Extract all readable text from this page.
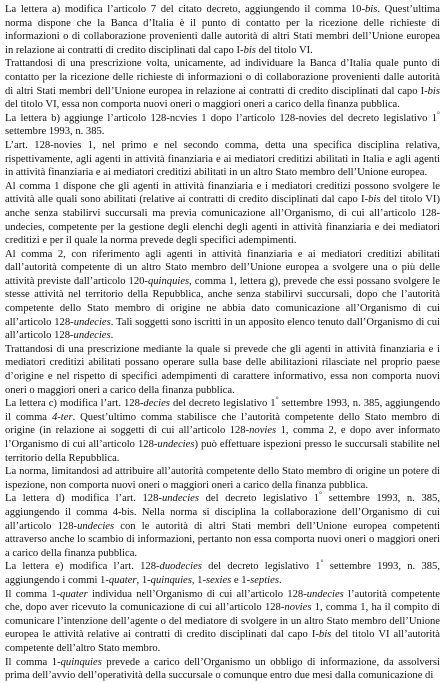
La lettera a) modifica l’articolo 7 del citato decreto, aggiungendo il comma 10-bis. Quest’ultima norma dispone che la Banca d’Italia è il punto di contatto per la ricezione delle richieste di informazioni o di collaborazione provenienti dalle autorità di altri Stati membri dell’Unione europea in relazione ai contratti di credito disciplinati dal capo I-bis del titolo VI.

Trattandosi di una prescrizione volta, unicamente, ad individuare la Banca d’Italia quale punto di contatto per la ricezione delle richieste di informazioni o di collaborazione provenienti dalle autorità di altri Stati membri dell’Unione europea in relazione ai contratti di credito disciplinati dal capo I-bis del titolo VI, essa non comporta nuovi oneri o maggiori oneri a carico della finanza pubblica.

La lettera b) aggiunge l’articolo 128-ncvies 1 dopo l’articolo 128-novies del decreto legislativo 1° settembre 1993, n. 385.

L’art. 128-novies 1, nel primo e nel secondo comma, detta una specifica disciplina relativa, rispettivamente, agli agenti in attività finanziaria e ai mediatori creditizi abilitati in Italia e agli agenti in attività finanziaria e ai mediatori creditizi abilitati in un altro Stato membro dell’Unione europea.

Al comma 1 dispone che gli agenti in attività finanziaria e i mediatori creditizi possono svolgere le attività alle quali sono abilitati (relative ai contratti di credito disciplinati dal capo I-bis del titolo VI) anche senza stabilirvi succursali ma previa comunicazione all’Organismo, di cui all’articolo 128-undecies, competente per la gestione degli elenchi degli agenti in attività finanziaria e dei mediatori creditizi e per il quale la norma prevede degli specifici adempimenti.

Al comma 2, con riferimento agli agenti in attività finanziaria e ai mediatori creditizi abilitati dall’autorità competente di un altro Stato membro dell’Unione europea a svolgere una o più delle attività previste dall’articolo 120-quinquies, comma 1, lettera g), prevede che essi possano svolgere le stesse attività nel territorio della Repubblica, anche senza stabilirvi succursali, dopo che l’autorità competente dello Stato membro di origine ne abbia dato comunicazione all’Organismo di cui all’articolo 128-undecies. Tali soggetti sono iscritti in un apposito elenco tenuto dall’Organismo di cui all’articolo 128-undecies.

Trattandosi di una prescrizione mediante la quale si prevede che gli agenti in attività finanziaria e i mediatori creditizi abilitati possano operare sulla base delle abilitazioni rilasciate nel proprio paese d’origine e nel rispetto di specifici adempimenti di carattere informativo, essa non comporta nuovi oneri o maggiori oneri a carico della finanza pubblica.

La lettera c) modifica l’art. 128-decies del decreto legislativo 1° settembre 1993, n. 385, aggiungendo il comma 4-ter. Quest’ultimo comma stabilisce che l’autorità competente dello Stato membro di origine (in relazione ai soggetti di cui all’articolo 128-novies 1, comma 2, e dopo aver informato l’Organismo di cui all’articolo 128-undecies) può effettuare ispezioni presso le succursali stabilite nel territorio della Repubblica.

La norma, limitandosi ad attribuire all’autorità competente dello Stato membro di origine un potere di ispezione, non comporta nuovi oneri o maggiori oneri a carico della finanza pubblica.

La lettera d) modifica l’art. 128-undecies del decreto legislativo 1° settembre 1993, n. 385, aggiungendo il comma 4-bis. Nella norma si disciplina la collaborazione dell’Organismo di cui all’articolo 128-undecies con le autorità di altri Stati membri dell’Unione europea competenti attraverso anche lo scambio di informazioni, pertanto non essa comporta nuovi oneri o maggiori oneri a carico della finanza pubblica.

La lettera e) modifica l’art. 128-duodecies del decreto legislativo 1° settembre 1993, n. 385, aggiungendo i commi 1-quater, 1-quinquies, 1-sexies e 1-septies.

Il comma 1-quater individua nell’Organismo di cui all’articolo 128-undecies l’autorità competente che, dopo aver ricevuto la comunicazione di cui all’articolo 128-novies 1, comma 1, ha il compito di comunicare l’intenzione dell’agente o del mediatore di svolgere in un altro Stato membro dell’Unione europea le attività relative ai contratti di credito disciplinati dal capo I-bis del titolo VI all’autorità competente dell’altro Stato membro.

Il comma 1-quinquies prevede a carico dell’Organismo un obbligo di informazione, da assolversi prima dell’avvio dell’operatività della succursale o comunque entro due mesi dalla comunicazione di
